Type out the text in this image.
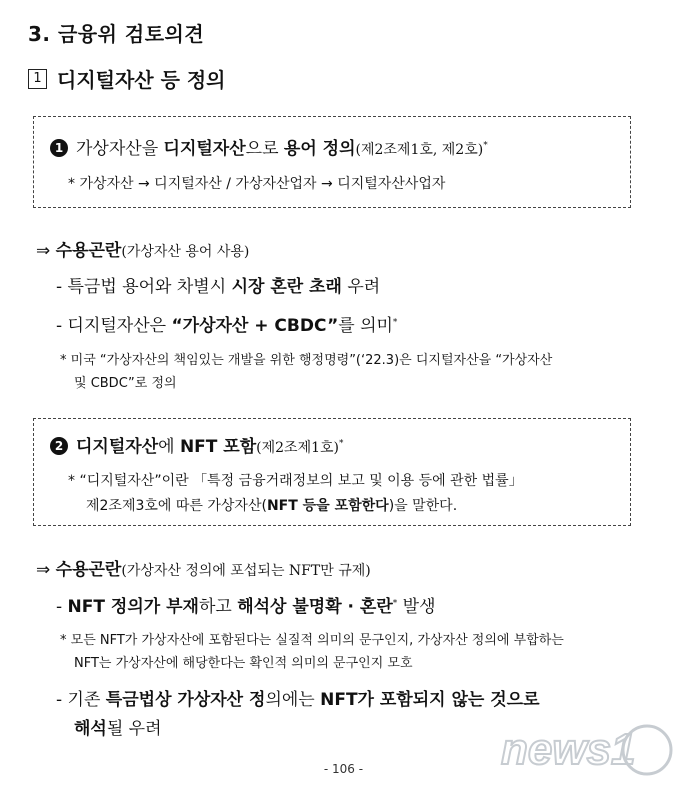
3. 금융위 검토의견
1 디지털자산 등 정의
1 가상자산을 디지털자산으로 용어 정의(제2조제1호, 제2호)*
* 가상자산 → 디지털자산 / 가상자산업자 → 디지털자산사업자
⇒ 수용곤란(가상자산 용어 사용)
- 특금법 용어와 차별시 시장 혼란 초래 우려
- 디지털자산은 “가상자산 + CBDC”를 의미*
* 미국 “가상자산의 책임있는 개발을 위한 행정명령”(‘22.3)은 디지털자산을 “가상자산
및 CBDC”로 정의
2 디지털자산에 NFT 포함(제2조제1호)*
* “디지털자산”이란 「특정 금융거래정보의 보고 및 이용 등에 관한 법률」
제2조제3호에 따른 가상자산(NFT 등을 포함한다)을 말한다.
⇒ 수용곤란(가상자산 정의에 포섭되는 NFT만 규제)
- NFT 정의가 부재하고 해석상 불명확 · 혼란* 발생
* 모든 NFT가 가상자산에 포함된다는 실질적 의미의 문구인지, 가상자산 정의에 부합하는
NFT는 가상자산에 해당한다는 확인적 의미의 문구인지 모호
- 기존 특금법상 가상자산 정의에는 NFT가 포함되지 않는 것으로
해석될 우려	news1
- 106 -
